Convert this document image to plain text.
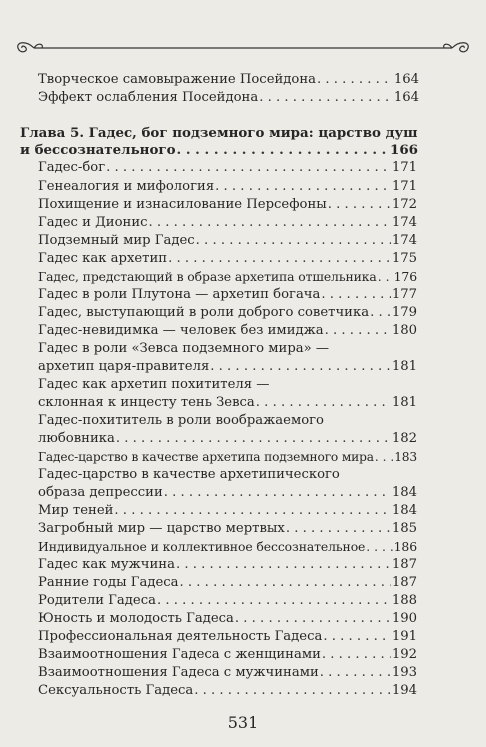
Творческое самовыражение Посейдона . . .	164
Эффект ослабления Посейдона . . .	164
Глава 5. Гадес, бог подземного мира: царство душ
и бессознательного . . .	166
Гадес-бог . . .	171
Генеалогия и мифология . . .	171
Похищение и изнасилование Персефоны . . .	172
Гадес и Дионис . . .	174
Подземный мир Гадес . . .	174
Гадес как архетип . . .	175
Гадес, предстающий в образе архетипа отшельника . . . 176
Гадес в роли Плутона — архетип богача . . .	177
Гадес, выступающий в роли доброго советчика . . . 179
Гадес-невидимка — человек без имиджа . . .	180
Гадес в роли «Зевса подземного мира» —
архетип царя-правителя . . .	181
Гадес как архетип похитителя —
склонная к инцесту тень Зевса . . .	181
Гадес-похититель в роли воображаемого
любовника . . .	182
Гадес-царство в качестве архетипа подземного мира . . . 183
Гадес-царство в качестве архетипического
образа депрессии . . .	184
Мир теней . . .	184
Загробный мир — царство мертвых . . .	185
Индивидуальное и коллективное бессознательное . . . 186
Гадес как мужчина . . .	187
Ранние годы Гадеса . . .	187
Родители Гадеса . . .	188
Юность и молодость Гадеса . . .	190
Профессиональная деятельность Гадеса . . .	191
Взаимоотношения Гадеса с женщинами . . .	192
Взаимоотношения Гадеса с мужчинами . . .	193
Сексуальность Гадеса . . .	194
531
